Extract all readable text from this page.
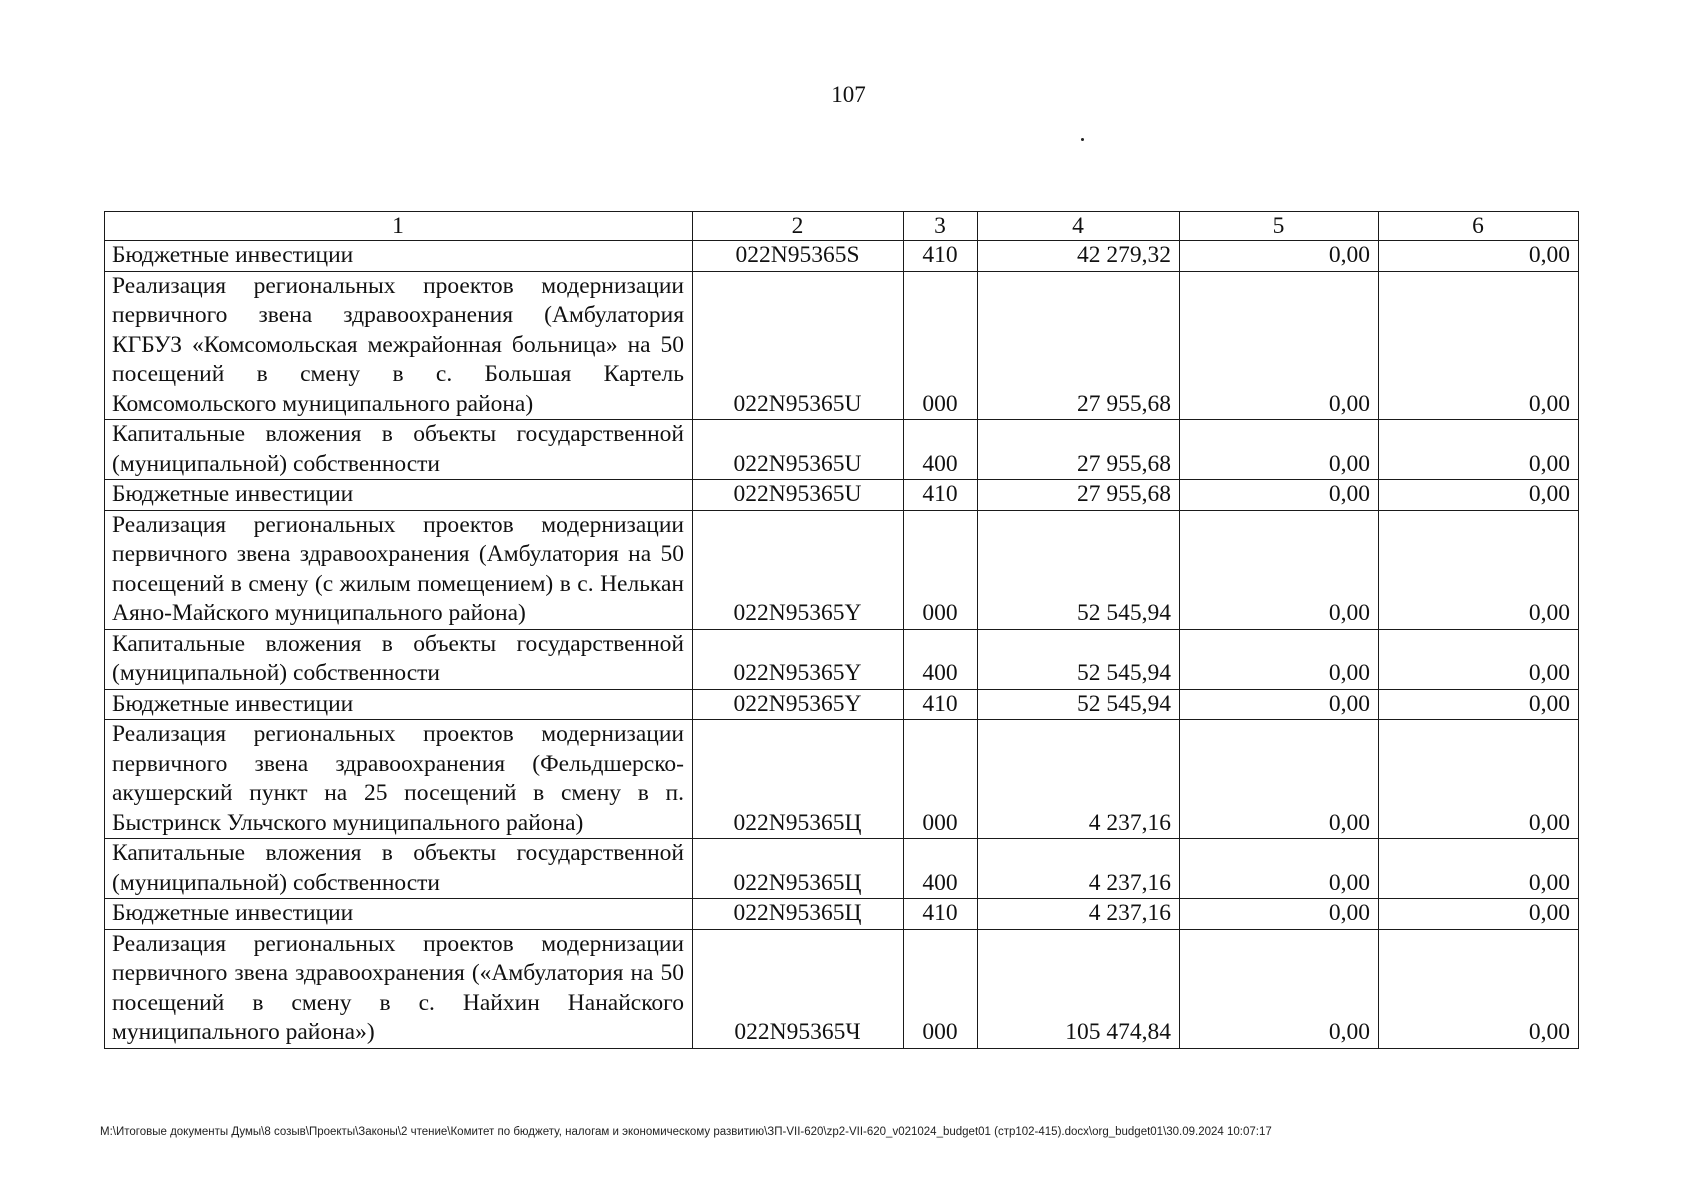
107
1	2	3	4	5	6
Бюджетные инвестиции	022N95365S	410	42 279,32	0,00	0,00
Реализация региональных проектов модернизации первичного звена здравоохранения (Амбулатория КГБУЗ «Комсомольская межрайонная больница» на 50 посещений в смену в с. Большая Картель Комсомольского муниципального района)	022N95365U	000	27 955,68	0,00	0,00
Капитальные вложения в объекты государственной (муниципальной) собственности	022N95365U	400	27 955,68	0,00	0,00
Бюджетные инвестиции	022N95365U	410	27 955,68	0,00	0,00
Реализация региональных проектов модернизации первичного звена здравоохранения (Амбулатория на 50 посещений в смену (с жилым помещением) в с. Нелькан Аяно-Майского муниципального района)	022N95365Y	000	52 545,94	0,00	0,00
Капитальные вложения в объекты государственной (муниципальной) собственности	022N95365Y	400	52 545,94	0,00	0,00
Бюджетные инвестиции	022N95365Y	410	52 545,94	0,00	0,00
Реализация региональных проектов модернизации первичного звена здравоохранения (Фельдшерско-акушерский пункт на 25 посещений в смену в п. Быстринск Ульчского муниципального района)	022N95365Ц	000	4 237,16	0,00	0,00
Капитальные вложения в объекты государственной (муниципальной) собственности	022N95365Ц	400	4 237,16	0,00	0,00
Бюджетные инвестиции	022N95365Ц	410	4 237,16	0,00	0,00
Реализация региональных проектов модернизации первичного звена здравоохранения («Амбулатория на 50 посещений в смену в с. Найхин Нанайского муниципального района»)	022N95365Ч	000	105 474,84	0,00	0,00
M:\Итоговые документы Думы\8 созыв\Проекты\Законы\2 чтение\Комитет по бюджету, налогам и экономическому развитию\ЗП-VII-620\zp2-VII-620_v021024_budget01 (стр102-415).docx\org_budget01\30.09.2024 10:07:17
